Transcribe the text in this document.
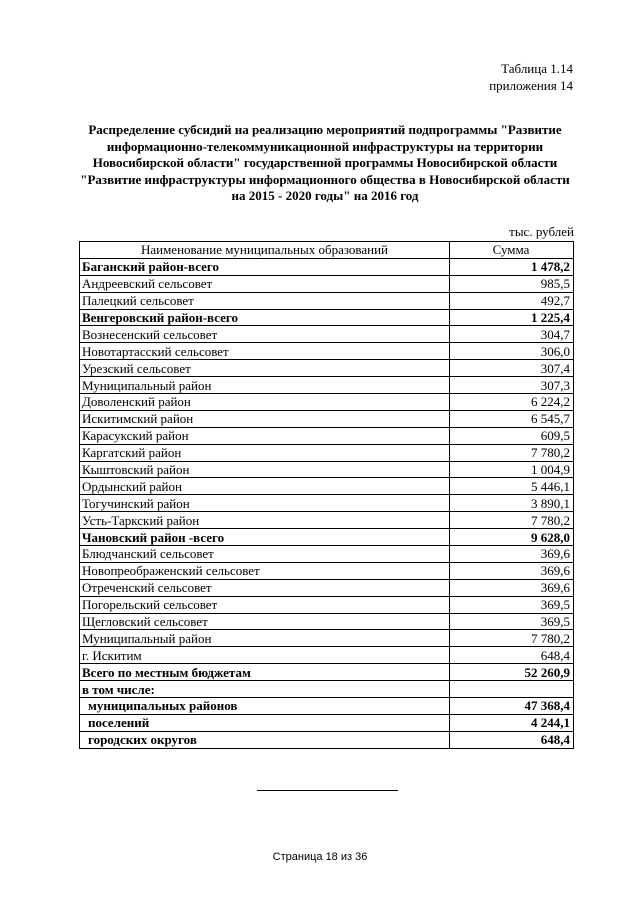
Таблица 1.14
приложения 14
Распределение субсидий на реализацию мероприятий подпрограммы "Развитие
информационно-телекоммуникационной инфраструктуры на территории
Новосибирской области" государственной программы Новосибирской области
"Развитие инфраструктуры информационного общества в Новосибирской области
на 2015 - 2020 годы" на 2016 год
тыс. рублей
Наименование муниципальных образований	Сумма
Баганский район-всего	1 478,2
Андреевский сельсовет	985,5
Палецкий сельсовет	492,7
Венгеровский район-всего	1 225,4
Вознесенский сельсовет	304,7
Новотартасский сельсовет	306,0
Урезский сельсовет	307,4
Муниципальный район	307,3
Доволенский район	6 224,2
Искитимский район	6 545,7
Карасукский район	609,5
Каргатский район	7 780,2
Кыштовский район	1 004,9
Ордынский район	5 446,1
Тогучинский район	3 890,1
Усть-Таркский район	7 780,2
Чановский район -всего	9 628,0
Блюдчанский сельсовет	369,6
Новопреображенский сельсовет	369,6
Отреченский сельсовет	369,6
Погорельский сельсовет	369,5
Щегловский сельсовет	369,5
Муниципальный район	7 780,2
г. Искитим	648,4
Всего по местным бюджетам	52 260,9
в том числе:	
муниципальных районов	47 368,4
поселений	4 244,1
городских округов	648,4
Страница 18 из 36
